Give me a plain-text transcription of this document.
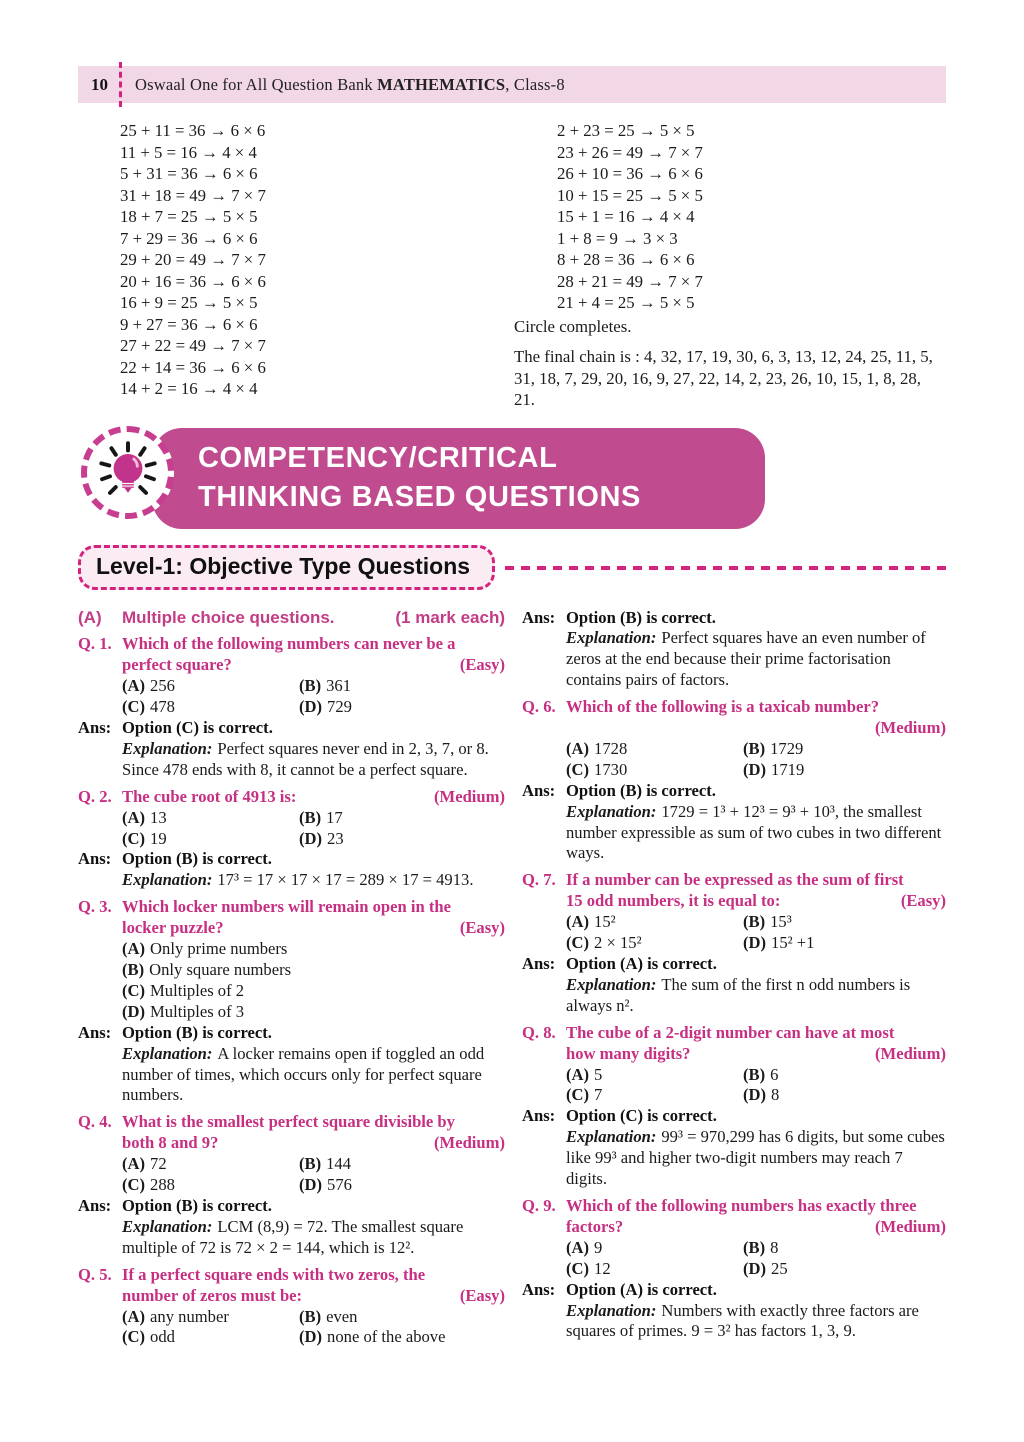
10	Oswaal One for All Question Bank MATHEMATICS, Class-8
25 + 11 = 36 → 6 × 6
11 + 5 = 16 → 4 × 4
5 + 31 = 36 → 6 × 6
31 + 18 = 49 → 7 × 7
18 + 7 = 25 → 5 × 5
7 + 29 = 36 → 6 × 6
29 + 20 = 49 → 7 × 7
20 + 16 = 36 → 6 × 6
16 + 9 = 25 → 5 × 5
9 + 27 = 36 → 6 × 6
27 + 22 = 49 → 7 × 7
22 + 14 = 36 → 6 × 6
14 + 2 = 16 → 4 × 4
2 + 23 = 25 → 5 × 5
23 + 26 = 49 → 7 × 7
26 + 10 = 36 → 6 × 6
10 + 15 = 25 → 5 × 5
15 + 1 = 16 → 4 × 4
1 + 8 = 9 → 3 × 3
8 + 28 = 36 → 6 × 6
28 + 21 = 49 → 7 × 7
21 + 4 = 25 → 5 × 5
Circle completes.
The final chain is : 4, 32, 17, 19, 30, 6, 3, 13, 12, 24, 25, 11, 5, 31, 18, 7, 29, 20, 16, 9, 27, 22, 14, 2, 23, 26, 10, 15, 1, 8, 28, 21.
COMPETENCY/CRITICAL
THINKING BASED QUESTIONS
Level-1: Objective Type Questions
(A)	Multiple choice questions.	(1 mark each)
Q. 1. Which of the following numbers can never be a
perfect square?	(Easy)
(A) 256	(B) 361
(C) 478	(D) 729
Ans: Option (C) is correct.
Explanation: Perfect squares never end in 2, 3, 7, or 8. Since 478 ends with 8, it cannot be a perfect square.
Q. 2. The cube root of 4913 is:	(Medium)
(A) 13	(B) 17
(C) 19	(D) 23
Ans: Option (B) is correct.
Explanation: 17³ = 17 × 17 × 17 = 289 × 17 = 4913.
Q. 3. Which locker numbers will remain open in the
locker puzzle?	(Easy)
(A) Only prime numbers
(B) Only square numbers
(C) Multiples of 2
(D) Multiples of 3
Ans: Option (B) is correct.
Explanation: A locker remains open if toggled an odd number of times, which occurs only for perfect square numbers.
Q. 4. What is the smallest perfect square divisible by
both 8 and 9?	(Medium)
(A) 72	(B) 144
(C) 288	(D) 576
Ans: Option (B) is correct.
Explanation: LCM (8,9) = 72. The smallest square multiple of 72 is 72 × 2 = 144, which is 12².
Q. 5. If a perfect square ends with two zeros, the
number of zeros must be:	(Easy)
(A) any number	(B) even
(C) odd	(D) none of the above
Ans: Option (B) is correct.
Explanation: Perfect squares have an even number of zeros at the end because their prime factorisation contains pairs of factors.
Q. 6. Which of the following is a taxicab number?
(Medium)
(A) 1728	(B) 1729
(C) 1730	(D) 1719
Ans: Option (B) is correct.
Explanation: 1729 = 1³ + 12³ = 9³ + 10³, the smallest number expressible as sum of two cubes in two different ways.
Q. 7. If a number can be expressed as the sum of first
15 odd numbers, it is equal to:	(Easy)
(A) 15²	(B) 15³
(C) 2 × 15²	(D) 15² +1
Ans: Option (A) is correct.
Explanation: The sum of the first n odd numbers is always n².
Q. 8. The cube of a 2-digit number can have at most
how many digits?	(Medium)
(A) 5	(B) 6
(C) 7	(D) 8
Ans: Option (C) is correct.
Explanation: 99³ = 970,299 has 6 digits, but some cubes like 99³ and higher two-digit numbers may reach 7 digits.
Q. 9. Which of the following numbers has exactly three
factors?	(Medium)
(A) 9	(B) 8
(C) 12	(D) 25
Ans: Option (A) is correct.
Explanation: Numbers with exactly three factors are squares of primes. 9 = 3² has factors 1, 3, 9.
